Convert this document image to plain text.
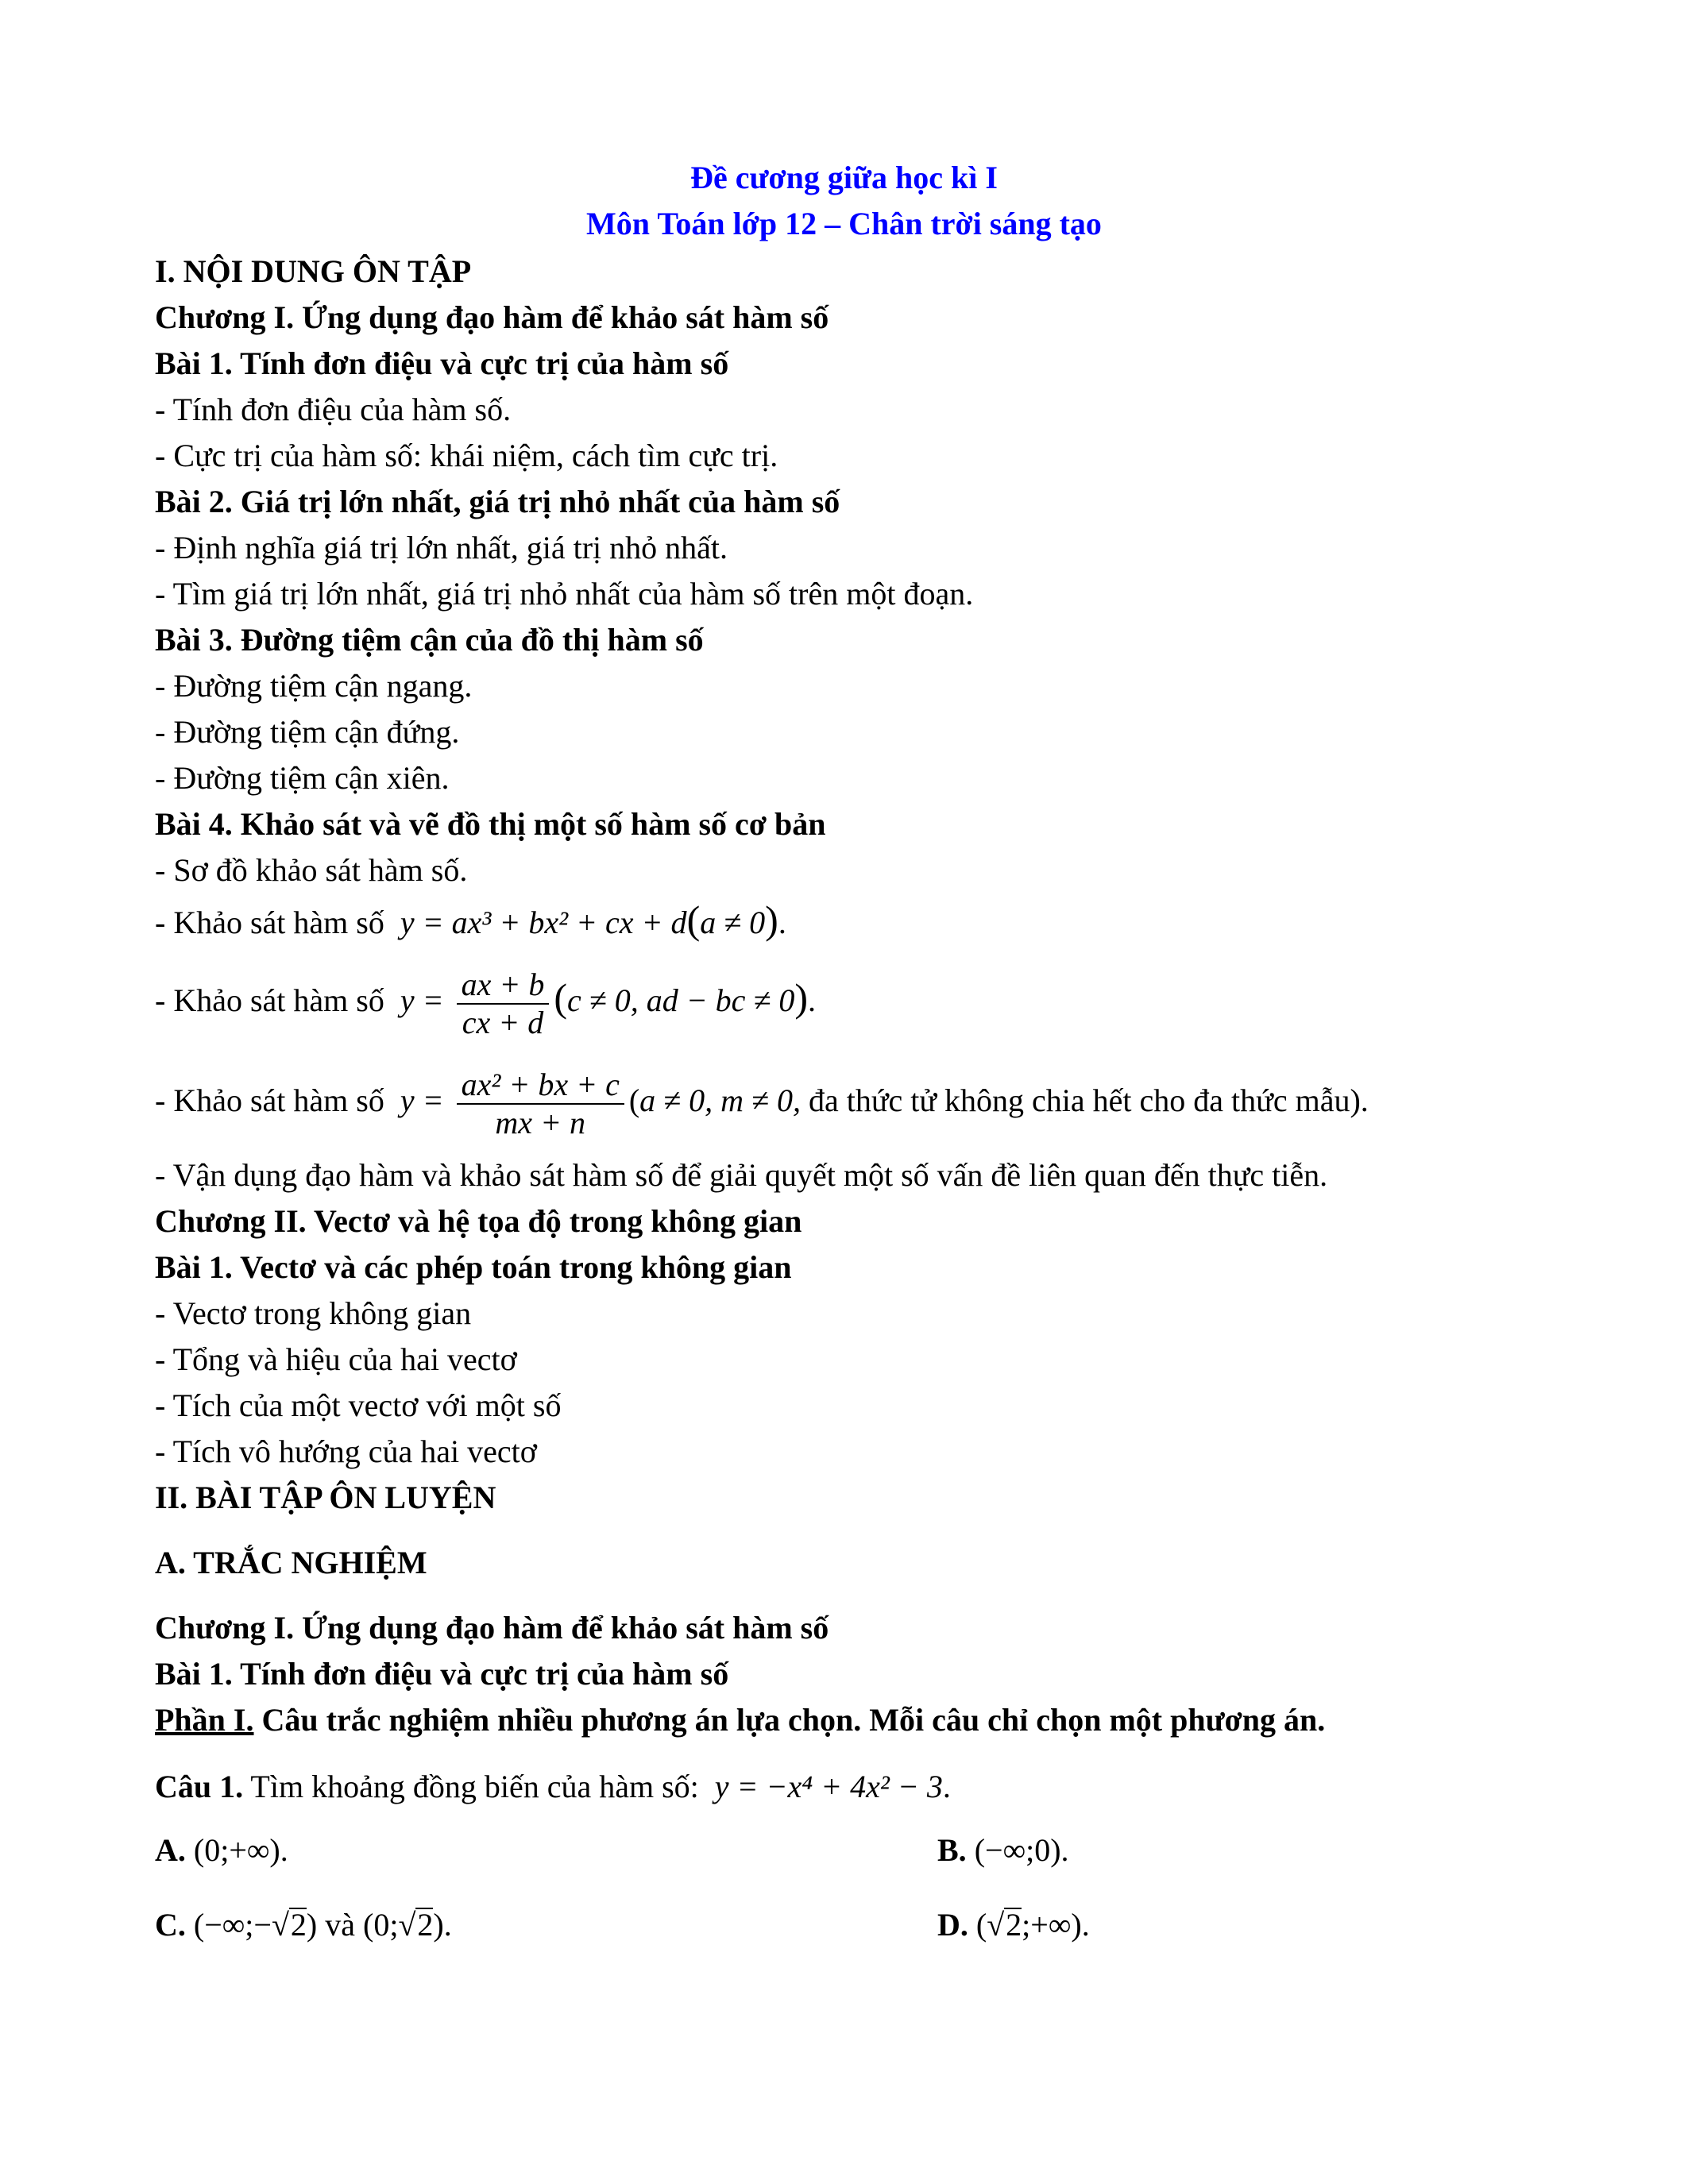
Đề cương giữa học kì I
Môn Toán lớp 12 – Chân trời sáng tạo
I. NỘI DUNG ÔN TẬP
Chương I. Ứng dụng đạo hàm để khảo sát hàm số
Bài 1. Tính đơn điệu và cực trị của hàm số
- Tính đơn điệu của hàm số.
- Cực trị của hàm số: khái niệm, cách tìm cực trị.
Bài 2. Giá trị lớn nhất, giá trị nhỏ nhất của hàm số
- Định nghĩa giá trị lớn nhất, giá trị nhỏ nhất.
- Tìm giá trị lớn nhất, giá trị nhỏ nhất của hàm số trên một đoạn.
Bài 3. Đường tiệm cận của đồ thị hàm số
- Đường tiệm cận ngang.
- Đường tiệm cận đứng.
- Đường tiệm cận xiên.
Bài 4. Khảo sát và vẽ đồ thị một số hàm số cơ bản
- Sơ đồ khảo sát hàm số.
- Khảo sát hàm số y = ax³ + bx² + cx + d(a ≠ 0).
- Khảo sát hàm số $y = \frac{ax + b}{cx + d} (c \ne 0$, ad − bc ≠ 0).
- Khảo sát hàm số $y = \frac{\text{ax² + bx + c}}{mx + n} (a \ne 0$, m ≠ 0, đa thức tử không chia hết cho đa thức mẫu).
- Vận dụng đạo hàm và khảo sát hàm số để giải quyết một số vấn đề liên quan đến thực tiễn.
Chương II. Vectơ và hệ tọa độ trong không gian
Bài 1. Vectơ và các phép toán trong không gian
- Vectơ trong không gian
- Tổng và hiệu của hai vectơ
- Tích của một vectơ với một số
- Tích vô hướng của hai vectơ
II. BÀI TẬP ÔN LUYỆN
A. TRẮC NGHIỆM
Chương I. Ứng dụng đạo hàm để khảo sát hàm số
Bài 1. Tính đơn điệu và cực trị của hàm số
Phần I. Câu trắc nghiệm nhiều phương án lựa chọn. Mỗi câu chỉ chọn một phương án.
Câu 1. Tìm khoảng đồng biến của hàm số: y = −x⁴ + 4x² − 3.
A. (0;+∞).	B. (−∞;0).
C. (−∞;−√2) và (0;√2).	D. (√2;+∞).
